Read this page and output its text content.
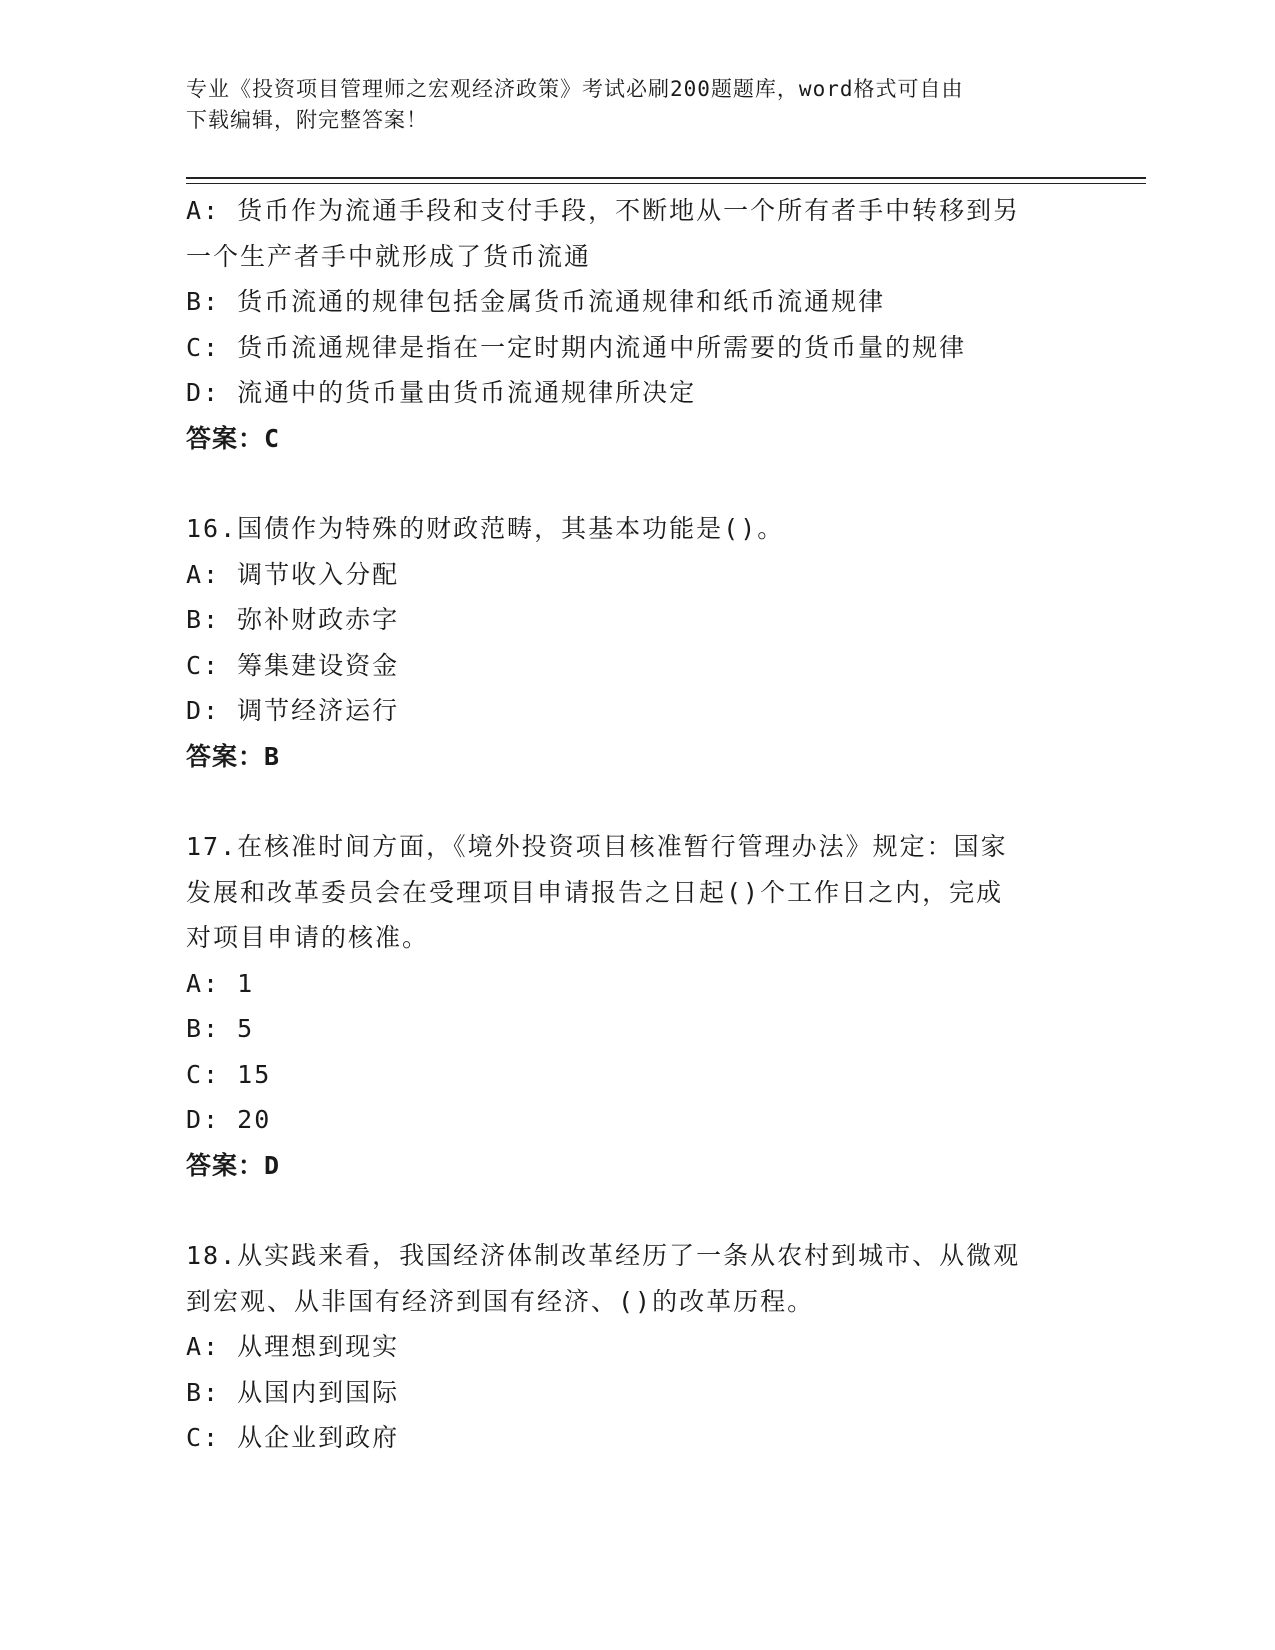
专业《投资项目管理师之宏观经济政策》考试必刷200题题库，word格式可自由
下载编辑，附完整答案！
A: 货币作为流通手段和支付手段，不断地从一个所有者手中转移到另
一个生产者手中就形成了货币流通
B: 货币流通的规律包括金属货币流通规律和纸币流通规律
C: 货币流通规律是指在一定时期内流通中所需要的货币量的规律
D: 流通中的货币量由货币流通规律所决定
答案：C
16.国债作为特殊的财政范畴，其基本功能是()。
A: 调节收入分配
B: 弥补财政赤字
C: 筹集建设资金
D: 调节经济运行
答案：B
17.在核准时间方面，《境外投资项目核准暂行管理办法》规定：国家
发展和改革委员会在受理项目申请报告之日起()个工作日之内，完成
对项目申请的核准。
A: 1
B: 5
C: 15
D: 20
答案：D
18.从实践来看，我国经济体制改革经历了一条从农村到城市、从微观
到宏观、从非国有经济到国有经济、()的改革历程。
A: 从理想到现实
B: 从国内到国际
C: 从企业到政府
